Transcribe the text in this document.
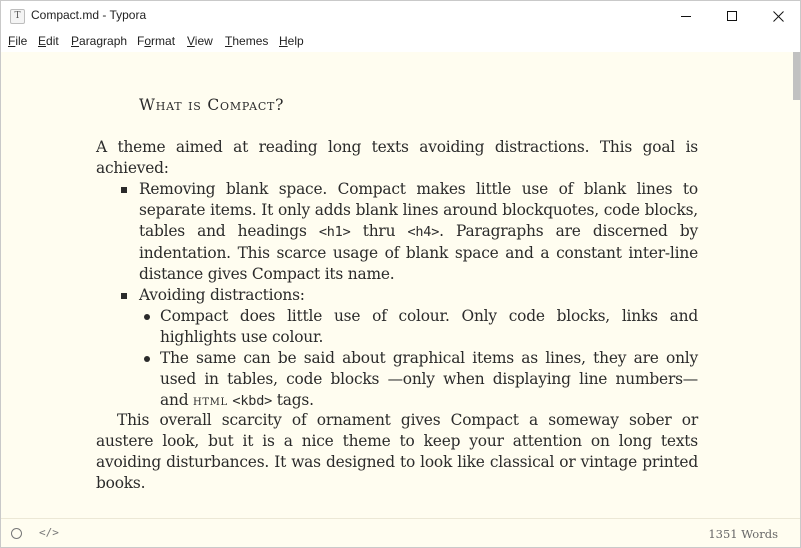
T Compact.md - Typora
File Edit Paragraph Format View Themes Help
What is Compact?

A theme aimed at reading long texts avoiding distractions. This goal is achieved:

Removing blank space. Compact makes little use of blank lines to separate items. It only adds blank lines around blockquotes, code blocks, tables and headings <h1> thru <h4>. Paragraphs are discerned by indentation. This scarce usage of blank space and a constant inter-line distance gives Compact its name.
Avoiding distractions:
Compact does little use of colour. Only code blocks, links and highlights use colour.
The same can be said about graphical items as lines, they are only used in tables, code blocks —only when displaying line numbers— and html <kbd> tags.

This overall scarcity of ornament gives Compact a someway sober or austere look, but it is a nice theme to keep your attention on long texts avoiding disturbances. It was designed to look like classical or vintage printed books.

</>	1351 Words
